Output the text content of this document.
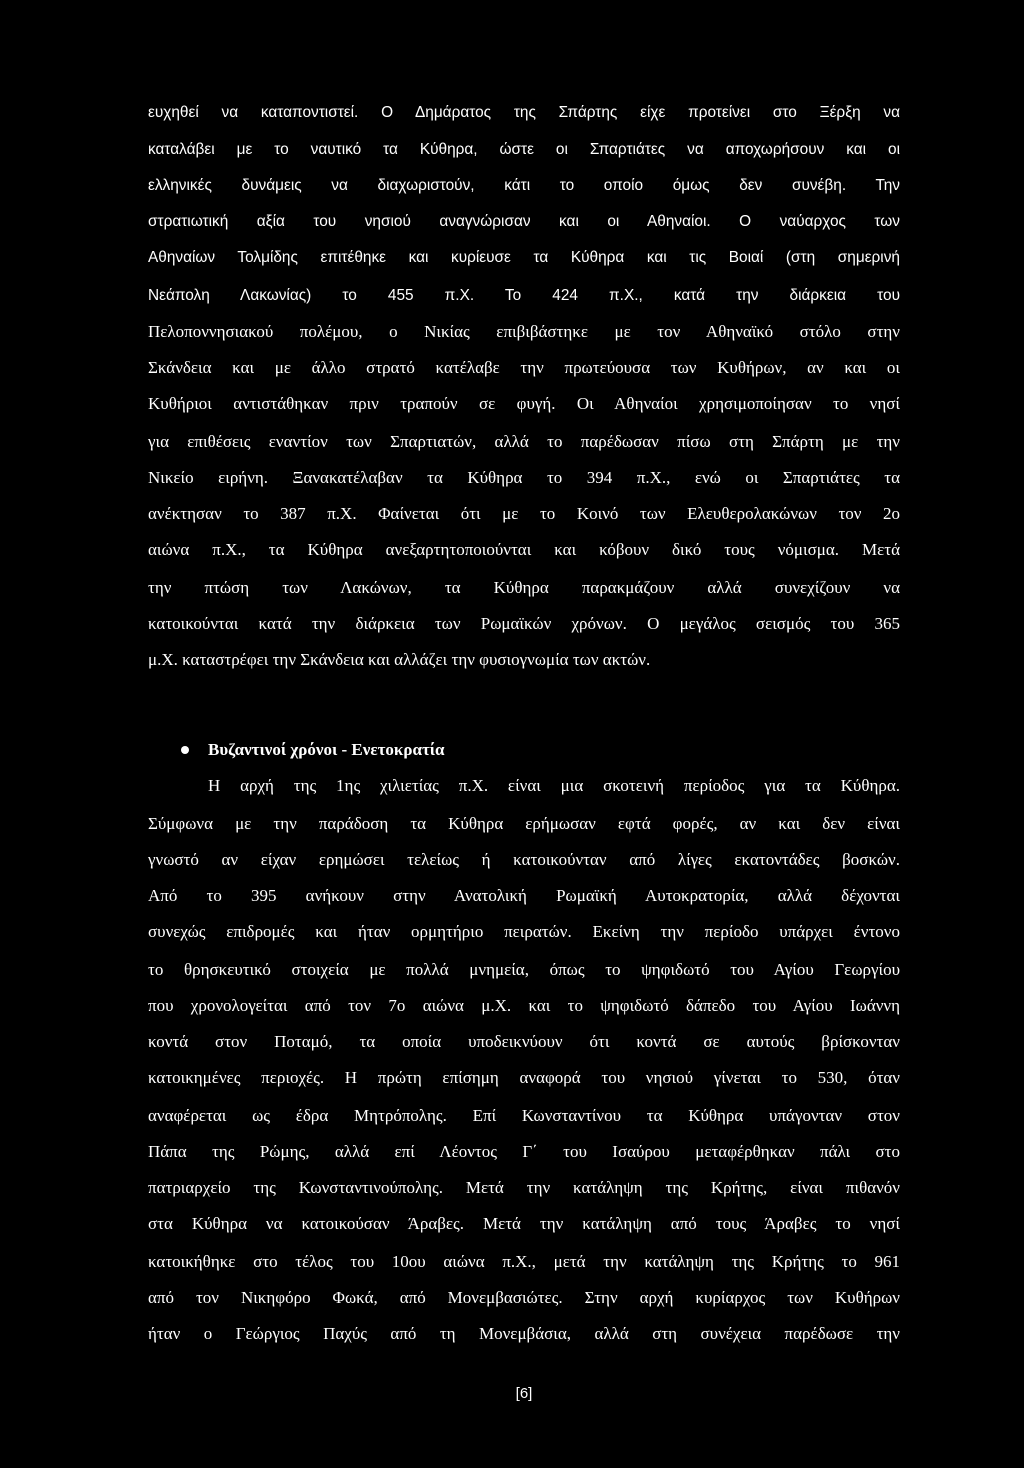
ευχηθεί να καταποντιστεί. Ο Δημάρατος της Σπάρτης είχε προτείνει στο Ξέρξη να
καταλάβει με το ναυτικό τα Κύθηρα, ώστε οι Σπαρτιάτες να αποχωρήσουν και οι
ελληνικές δυνάμεις να διαχωριστούν, κάτι το οποίο όμως δεν συνέβη. Την
στρατιωτική αξία του νησιού αναγνώρισαν και οι Αθηναίοι. Ο ναύαρχος των
Αθηναίων Τολμίδης επιτέθηκε και κυρίευσε τα Κύθηρα και τις Βοιαί (στη σημερινή
Νεάπολη Λακωνίας) το 455 π.Χ. Το 424 π.Χ., κατά την διάρκεια του
Πελοποννησιακού πολέμου, ο Νικίας επιβιβάστηκε με τον Αθηναϊκό στόλο στην
Σκάνδεια και με άλλο στρατό κατέλαβε την πρωτεύουσα των Κυθήρων, αν και οι
Κυθήριοι αντιστάθηκαν πριν τραπούν σε φυγή. Οι Αθηναίοι χρησιμοποίησαν το νησί
για επιθέσεις εναντίον των Σπαρτιατών, αλλά το παρέδωσαν πίσω στη Σπάρτη με την
Νικείο ειρήνη. Ξανακατέλαβαν τα Κύθηρα το 394 π.Χ., ενώ οι Σπαρτιάτες τα
ανέκτησαν το 387 π.Χ. Φαίνεται ότι με το Κοινό των Ελευθερολακώνων τον 2ο
αιώνα π.Χ., τα Κύθηρα ανεξαρτητοποιούνται και κόβουν δικό τους νόμισμα. Μετά
την πτώση των Λακώνων, τα Κύθηρα παρακμάζουν αλλά συνεχίζουν να
κατοικούνται κατά την διάρκεια των Ρωμαϊκών χρόνων. Ο μεγάλος σεισμός του 365
μ.Χ. καταστρέφει την Σκάνδεια και αλλάζει την φυσιογνωμία των ακτών.
Βυζαντινοί χρόνοι - Ενετοκρατία
Η αρχή της 1ης χιλιετίας π.Χ. είναι μια σκοτεινή περίοδος για τα Κύθηρα.
Σύμφωνα με την παράδοση τα Κύθηρα ερήμωσαν εφτά φορές, αν και δεν είναι
γνωστό αν είχαν ερημώσει τελείως ή κατοικούνταν από λίγες εκατοντάδες βοσκών.
Από το 395 ανήκουν στην Ανατολική Ρωμαϊκή Αυτοκρατορία, αλλά δέχονται
συνεχώς επιδρομές και ήταν ορμητήριο πειρατών. Εκείνη την περίοδο υπάρχει έντονο
το θρησκευτικό στοιχεία με πολλά μνημεία, όπως το ψηφιδωτό του Αγίου Γεωργίου
που χρονολογείται από τον 7ο αιώνα μ.Χ. και το ψηφιδωτό δάπεδο του Αγίου Ιωάννη
κοντά στον Ποταμό, τα οποία υποδεικνύουν ότι κοντά σε αυτούς βρίσκονταν
κατοικημένες περιοχές. Η πρώτη επίσημη αναφορά του νησιού γίνεται το 530, όταν
αναφέρεται ως έδρα Μητρόπολης. Επί Κωνσταντίνου τα Κύθηρα υπάγονταν στον
Πάπα της Ρώμης, αλλά επί Λέοντος Γ΄ του Ισαύρου μεταφέρθηκαν πάλι στο
πατριαρχείο της Κωνσταντινούπολης. Μετά την κατάληψη της Κρήτης, είναι πιθανόν
στα Κύθηρα να κατοικούσαν Άραβες. Μετά την κατάληψη από τους Άραβες το νησί
κατοικήθηκε στο τέλος του 10ου αιώνα π.Χ., μετά την κατάληψη της Κρήτης το 961
από τον Νικηφόρο Φωκά, από Μονεμβασιώτες. Στην αρχή κυρίαρχος των Κυθήρων
ήταν ο Γεώργιος Παχύς από τη Μονεμβάσια, αλλά στη συνέχεια παρέδωσε την
[6]
